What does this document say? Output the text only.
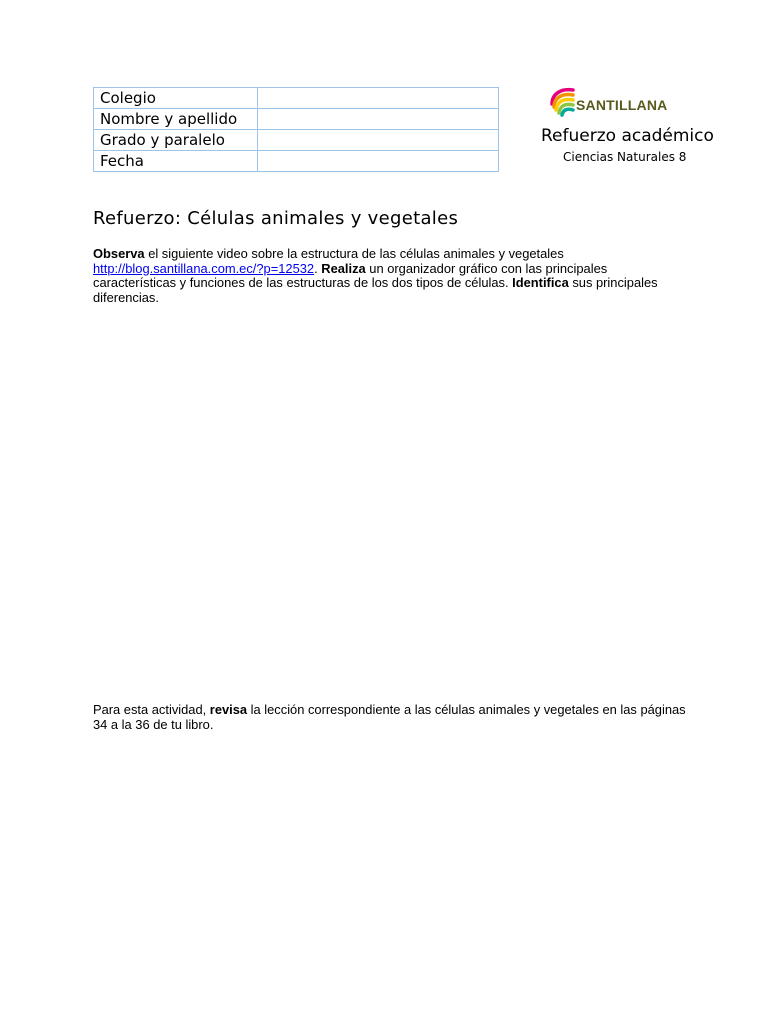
Colegio	
Nombre y apellido	
Grado y paralelo	
Fecha	
SANTILLANA
Refuerzo académico
Ciencias Naturales 8
Refuerzo: Células animales y vegetales
Observa el siguiente video sobre la estructura de las células animales y vegetales http://blog.santillana.com.ec/?p=12532. Realiza un organizador gráfico con las principales características y funciones de las estructuras de los dos tipos de células. Identifica sus principales diferencias.
Para esta actividad, revisa la lección correspondiente a las células animales y vegetales en las páginas 34 a la 36 de tu libro.
